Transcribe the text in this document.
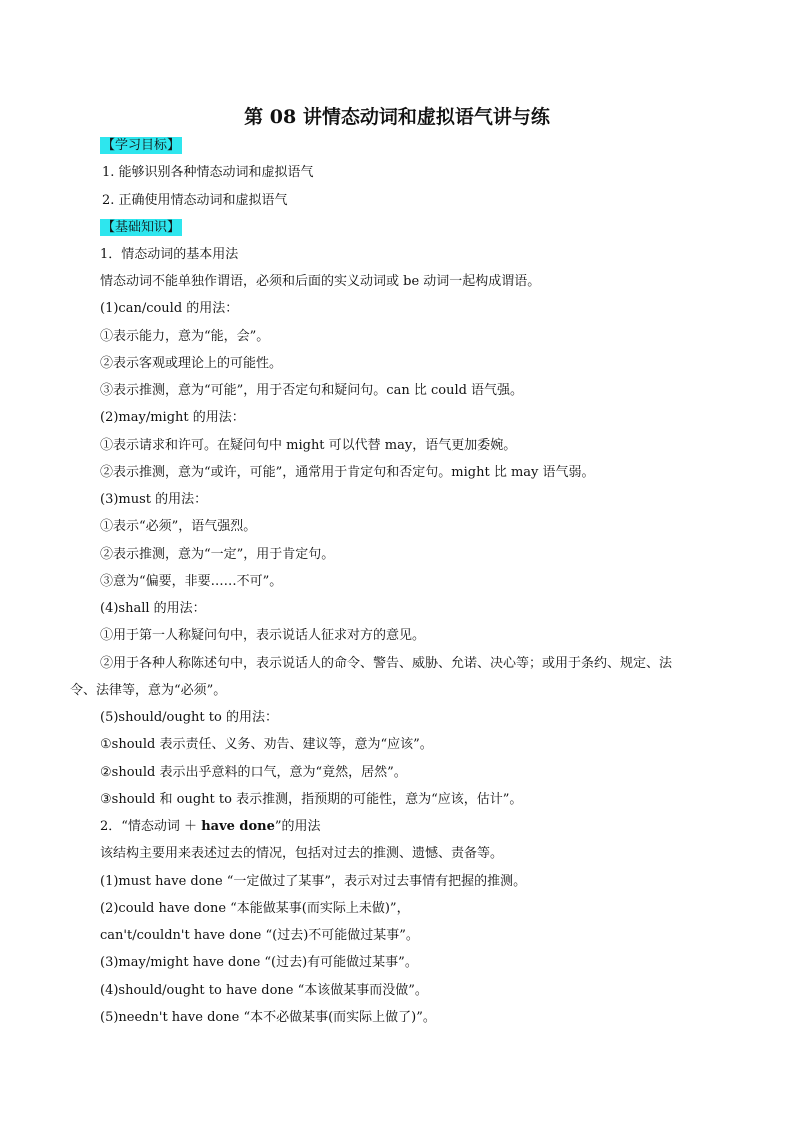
第 08 讲情态动词和虚拟语气讲与练
【学习目标】
1. 能够识别各种情态动词和虚拟语气
2. 正确使用情态动词和虚拟语气
【基础知识】
1．情态动词的基本用法
情态动词不能单独作谓语，必须和后面的实义动词或 be 动词一起构成谓语。
(1)can/could 的用法：
①表示能力，意为“能，会”。
②表示客观或理论上的可能性。
③表示推测，意为“可能”，用于否定句和疑问句。can 比 could 语气强。
(2)may/might 的用法：
①表示请求和许可。在疑问句中 might 可以代替 may，语气更加委婉。
②表示推测，意为“或许，可能”，通常用于肯定句和否定句。might 比 may 语气弱。
(3)must 的用法：
①表示“必须”，语气强烈。
②表示推测，意为“一定”，用于肯定句。
③意为“偏要，非要……不可”。
(4)shall 的用法：
①用于第一人称疑问句中，表示说话人征求对方的意见。
②用于各种人称陈述句中，表示说话人的命令、警告、威胁、允诺、决心等；或用于条约、规定、法
令、法律等，意为“必须”。
(5)should/ought to 的用法：
①should 表示责任、义务、劝告、建议等，意为“应该”。
②should 表示出乎意料的口气，意为“竟然，居然”。
③should 和 ought to 表示推测，指预期的可能性，意为“应该，估计”。
2．“情态动词 ＋ have done”的用法
该结构主要用来表述过去的情况，包括对过去的推测、遗憾、责备等。
(1)must have done “一定做过了某事”，表示对过去事情有把握的推测。
(2)could have done “本能做某事(而实际上未做)”，
can't/couldn't have done “(过去)不可能做过某事”。
(3)may/might have done “(过去)有可能做过某事”。
(4)should/ought to have done “本该做某事而没做”。
(5)needn't have done “本不必做某事(而实际上做了)”。
